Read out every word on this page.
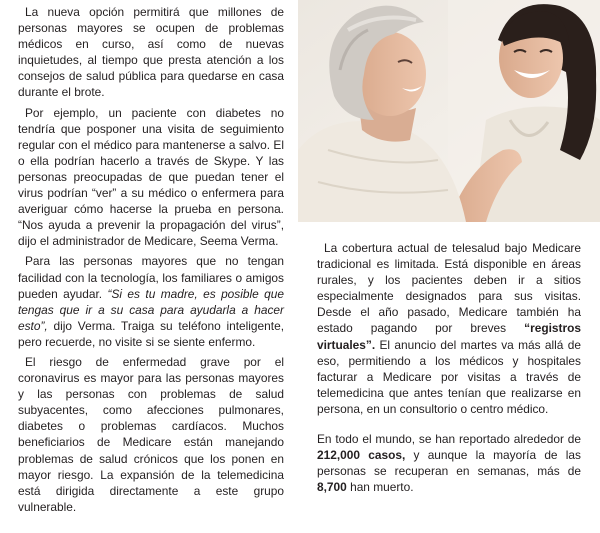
La nueva opción permitirá que millones de personas mayores se ocupen de problemas médicos en curso, así como de nuevas inquietudes, al tiempo que presta atención a los consejos de salud pública para quedarse en casa durante el brote.

Por ejemplo, un paciente con diabetes no tendría que posponer una visita de seguimiento regular con el médico para mantenerse a salvo. El o ella podrían hacerlo a través de Skype. Y las personas preocupadas de que puedan tener el virus podrían “ver” a su médico o enfermera para averiguar cómo hacerse la prueba en persona. “Nos ayuda a prevenir la propagación del virus”, dijo el administrador de Medicare, Seema Verma.

Para las personas mayores que no tengan facilidad con la tecnología, los familiares o amigos pueden ayudar. “Si es tu madre, es posible que tengas que ir a su casa para ayudarla a hacer esto”, dijo Verma. Traiga su teléfono inteligente, pero recuerde, no visite si se siente enfermo.

El riesgo de enfermedad grave por el coronavirus es mayor para las personas mayores y las personas con problemas de salud subyacentes, como afecciones pulmonares, diabetes o problemas cardíacos. Muchos beneficiarios de Medicare están manejando problemas de salud crónicos que los ponen en mayor riesgo. La expansión de la telemedicina está dirigida directamente a este grupo vulnerable.

La cobertura actual de telesalud bajo Medicare tradicional es limitada. Está disponible en áreas rurales, y los pacientes deben ir a sitios especialmente designados para sus visitas. Desde el año pasado, Medicare también ha estado pagando por breves “registros virtuales”. El anuncio del martes va más allá de eso, permitiendo a los médicos y hospitales facturar a Medicare por visitas a través de telemedicina que antes tenían que realizarse en persona, en un consultorio o centro médico.

En todo el mundo, se han reportado alrededor de 212,000 casos, y aunque la mayoría de las personas se recuperan en semanas, más de 8,700 han muerto.
